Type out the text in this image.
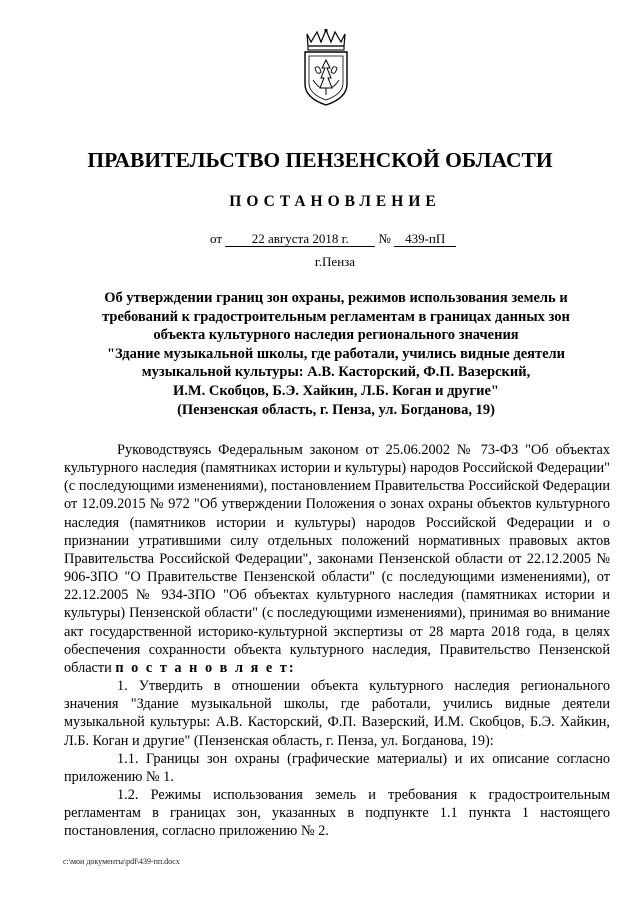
ПРАВИТЕЛЬСТВО ПЕНЗЕНСКОЙ ОБЛАСТИ
ПОСТАНОВЛЕНИЕ
от 22 августа 2018 г. № 439-пП
г.Пенза
Об утверждении границ зон охраны, режимов использования земель и
требований к градостроительным регламентам в границах данных зон
объекта культурного наследия регионального значения
"Здание музыкальной школы, где работали, учились видные деятели
музыкальной культуры: А.В. Касторский, Ф.П. Вазерский,
И.М. Скобцов, Б.Э. Хайкин, Л.Б. Коган и другие"
(Пензенская область, г. Пенза, ул. Богданова, 19)

Руководствуясь Федеральным законом от 25.06.2002 № 73-ФЗ "Об объектах культурного наследия (памятниках истории и культуры) народов Российской Федерации" (с последующими изменениями), постановлением Правительства Российской Федерации от 12.09.2015 № 972 "Об утверждении Положения о зонах охраны объектов культурного наследия (памятников истории и культуры) народов Российской Федерации и о признании утратившими силу отдельных положений нормативных правовых актов Правительства Российской Федерации", законами Пензенской области от 22.12.2005 № 906-ЗПО "О Правительстве Пензенской области" (с последующими изменениями), от 22.12.2005 № 934-ЗПО "Об объектах культурного наследия (памятниках истории и культуры) Пензенской области" (с последующими изменениями), принимая во внимание акт государственной историко-культурной экспертизы от 28 марта 2018 года, в целях обеспечения сохранности объекта культурного наследия, Правительство Пензенской области п о с т а н о в л я е т:

1. Утвердить в отношении объекта культурного наследия регионального значения "Здание музыкальной школы, где работали, учились видные деятели музыкальной культуры: А.В. Касторский, Ф.П. Вазерский, И.М. Скобцов, Б.Э. Хайкин, Л.Б. Коган и другие" (Пензенская область, г. Пенза, ул. Богданова, 19):

1.1. Границы зон охраны (графические материалы) и их описание согласно приложению № 1.

1.2. Режимы использования земель и требования к градостроительным регламентам в границах зон, указанных в подпункте 1.1 пункта 1 настоящего постановления, согласно приложению № 2.

c:\мои документы\pdf\439-пп.docx
